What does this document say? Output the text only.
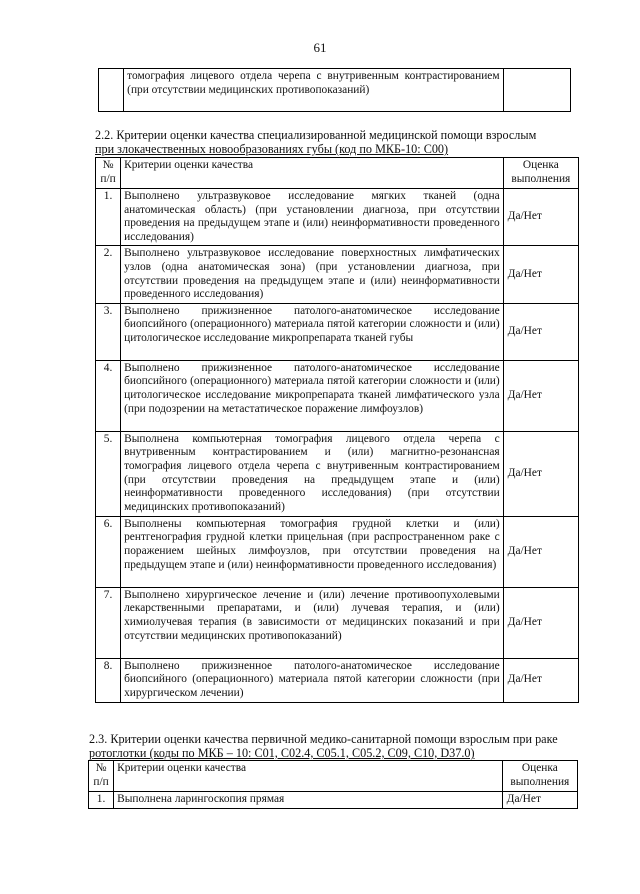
61
	томография лицевого отдела черепа с внутривенным контрастированием (при отсутствии медицинских противопоказаний)	
2.2. Критерии оценки качества специализированной медицинской помощи взрослым
при злокачественных новообразованиях губы (код по МКБ-10: С00)
№ п/п	Критерии оценки качества	Оценка выполнения
1.	Выполнено ультразвуковое исследование мягких тканей (одна анатомическая область) (при установлении диагноза, при отсутствии проведения на предыдущем этапе и (или) неинформативности проведенного исследования)	Да/Нет
2.	Выполнено ультразвуковое исследование поверхностных лимфатических узлов (одна анатомическая зона) (при установлении диагноза, при отсутствии проведения на предыдущем этапе и (или) неинформативности проведенного исследования)	Да/Нет
3.	Выполнено прижизненное патолого-анатомическое исследование биопсийного (операционного) материала пятой категории сложности и (или) цитологическое исследование микропрепарата тканей губы	Да/Нет
4.	Выполнено прижизненное патолого-анатомическое исследование биопсийного (операционного) материала пятой категории сложности и (или) цитологическое исследование микропрепарата тканей лимфатического узла (при подозрении на метастатическое поражение лимфоузлов)	Да/Нет
5.	Выполнена компьютерная томография лицевого отдела черепа с внутривенным контрастированием и (или) магнитно-резонансная томография лицевого отдела черепа с внутривенным контрастированием (при отсутствии проведения на предыдущем этапе и (или) неинформативности проведенного исследования) (при отсутствии медицинских противопоказаний)	Да/Нет
6.	Выполнены компьютерная томография грудной клетки и (или) рентгенография грудной клетки прицельная (при распространенном раке с поражением шейных лимфоузлов, при отсутствии проведения на предыдущем этапе и (или) неинформативности проведенного исследования)	Да/Нет
7.	Выполнено хирургическое лечение и (или) лечение противоопухолевыми лекарственными препаратами, и (или) лучевая терапия, и (или) химиолучевая терапия (в зависимости от медицинских показаний и при отсутствии медицинских противопоказаний)	Да/Нет
8.	Выполнено прижизненное патолого-анатомическое исследование биопсийного (операционного) материала пятой категории сложности (при хирургическом лечении)	Да/Нет
2.3. Критерии оценки качества первичной медико-санитарной помощи взрослым при раке
ротоглотки (коды по МКБ – 10: С01, С02.4, С05.1, С05.2, С09, С10, D37.0)
№ п/п	Критерии оценки качества	Оценка выполнения
1.	Выполнена ларингоскопия прямая	Да/Нет
